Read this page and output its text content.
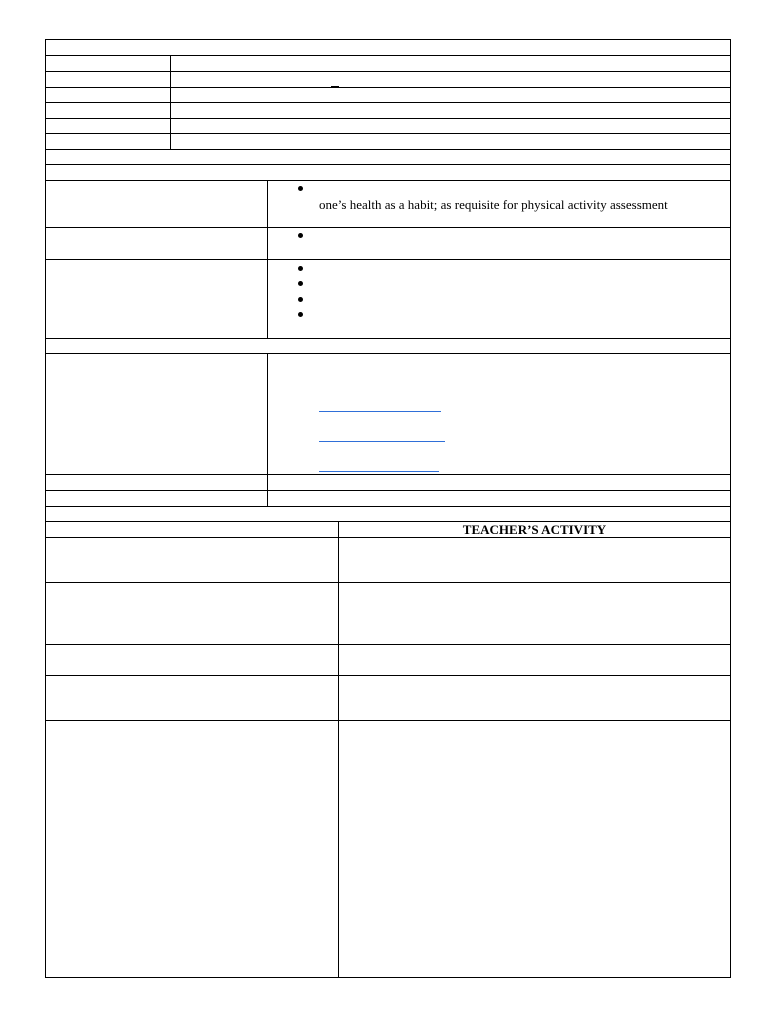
one’s health as a habit; as requisite for physical activity assessment
TEACHER’S ACTIVITY
